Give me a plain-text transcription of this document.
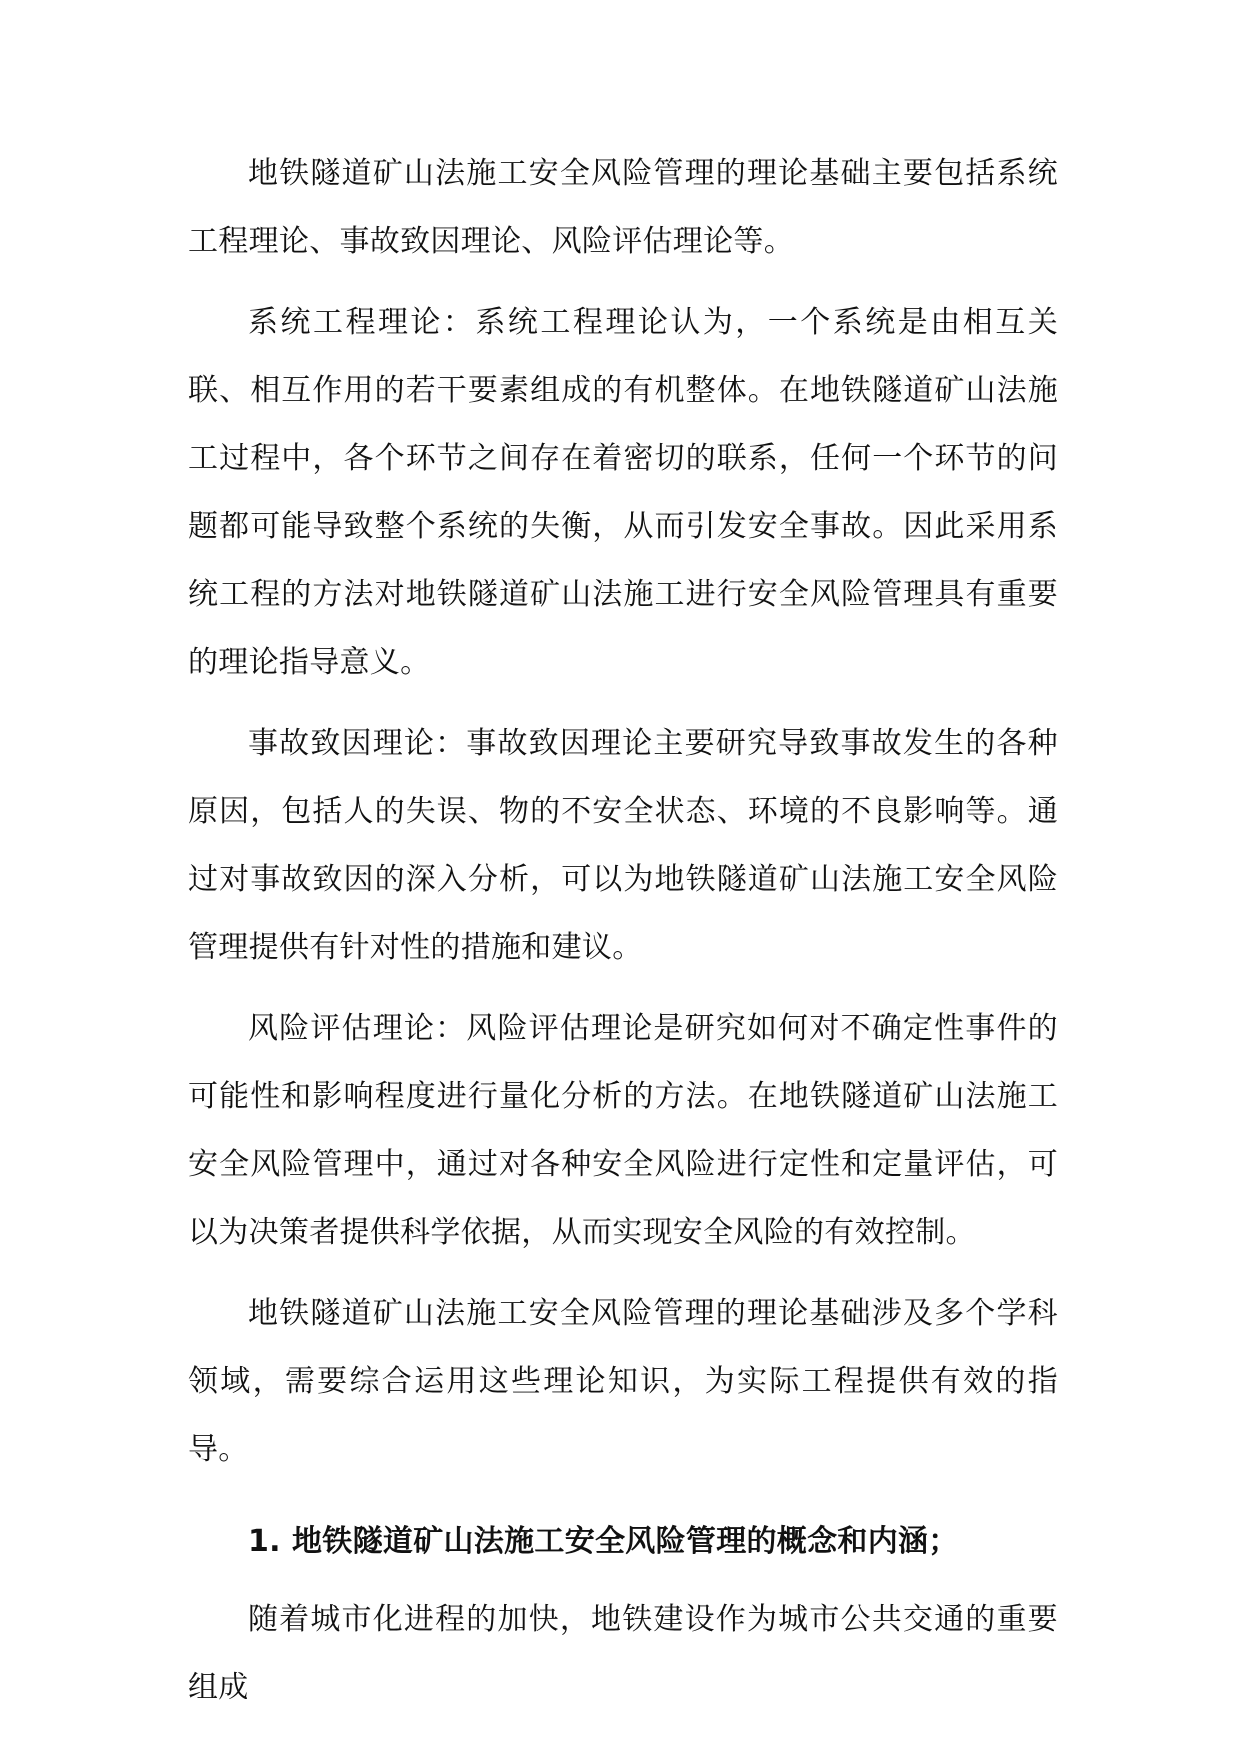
地铁隧道矿山法施工安全风险管理的理论基础主要包括系统工程理论、事故致因理论、风险评估理论等。

系统工程理论：系统工程理论认为，一个系统是由相互关联、相互作用的若干要素组成的有机整体。在地铁隧道矿山法施工过程中，各个环节之间存在着密切的联系，任何一个环节的问题都可能导致整个系统的失衡，从而引发安全事故。因此采用系统工程的方法对地铁隧道矿山法施工进行安全风险管理具有重要的理论指导意义。

事故致因理论：事故致因理论主要研究导致事故发生的各种原因，包括人的失误、物的不安全状态、环境的不良影响等。通过对事故致因的深入分析，可以为地铁隧道矿山法施工安全风险管理提供有针对性的措施和建议。

风险评估理论：风险评估理论是研究如何对不确定性事件的可能性和影响程度进行量化分析的方法。在地铁隧道矿山法施工安全风险管理中，通过对各种安全风险进行定性和定量评估，可以为决策者提供科学依据，从而实现安全风险的有效控制。

地铁隧道矿山法施工安全风险管理的理论基础涉及多个学科领域，需要综合运用这些理论知识，为实际工程提供有效的指导。

1. 地铁隧道矿山法施工安全风险管理的概念和内涵；

随着城市化进程的加快，地铁建设作为城市公共交通的重要组成
